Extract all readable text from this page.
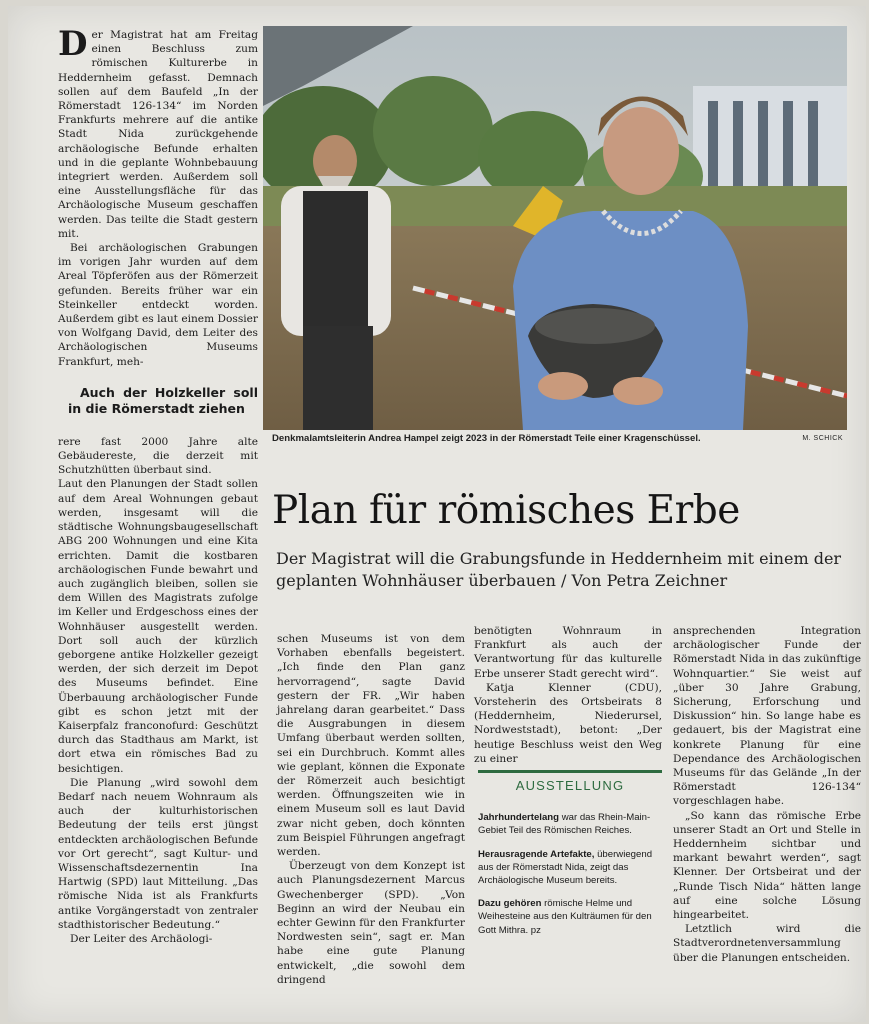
Der Magistrat hat am Freitag einen Beschluss zum römischen Kulturerbe in Heddernheim gefasst. Demnach sollen auf dem Baufeld „In der Römerstadt 126-134“ im Norden Frankfurts mehrere auf die antike Stadt Nida zurückgehende archäologische Befunde erhalten und in die geplante Wohnbebauung integriert werden. Außerdem soll eine Ausstellungsfläche für das Archäologische Museum geschaffen werden. Das teilte die Stadt gestern mit.

Bei archäologischen Grabungen im vorigen Jahr wurden auf dem Areal Töpferöfen aus der Römerzeit gefunden. Bereits früher war ein Steinkeller entdeckt worden. Außerdem gibt es laut einem Dossier von Wolfgang David, dem Leiter des Archäologischen Museums Frankfurt, meh-

Auch der Holzkeller soll in die Römerstadt ziehen

rere fast 2000 Jahre alte Gebäudereste, die derzeit mit Schutzhütten überbaut sind.

Laut den Planungen der Stadt sollen auf dem Areal Wohnungen gebaut werden, insgesamt will die städtische Wohnungsbaugesellschaft ABG 200 Wohnungen und eine Kita errichten. Damit die kostbaren archäologischen Funde bewahrt und auch zugänglich bleiben, sollen sie dem Willen des Magistrats zufolge im Keller und Erdgeschoss eines der Wohnhäuser ausgestellt werden. Dort soll auch der kürzlich geborgene antike Holzkeller gezeigt werden, der sich derzeit im Depot des Museums befindet. Eine Überbauung archäologischer Funde gibt es schon jetzt mit der Kaiserpfalz franconofurd: Geschützt durch das Stadthaus am Markt, ist dort etwa ein römisches Bad zu besichtigen.

Die Planung „wird sowohl dem Bedarf nach neuem Wohnraum als auch der kulturhistorischen Bedeutung der teils erst jüngst entdeckten archäologischen Befunde vor Ort gerecht“, sagt Kultur- und Wissenschaftsdezernentin Ina Hartwig (SPD) laut Mitteilung. „Das römische Nida ist als Frankfurts antike Vorgängerstadt von zentraler stadthistorischer Bedeutung.“

Der Leiter des Archäologi-

Denkmalamtsleiterin Andrea Hampel zeigt 2023 in der Römerstadt Teile einer Kragenschüssel.	M. SCHICK
Plan für römisches Erbe
Der Magistrat will die Grabungsfunde in Heddernheim mit einem der geplanten Wohnhäuser überbauen / Von Petra Zeichner

schen Museums ist von dem Vorhaben ebenfalls begeistert. „Ich finde den Plan ganz hervorragend“, sagte David gestern der FR. „Wir haben jahrelang daran gearbeitet.“ Dass die Ausgrabungen in diesem Umfang überbaut werden sollten, sei ein Durchbruch. Kommt alles wie geplant, können die Exponate der Römerzeit auch besichtigt werden. Öffnungszeiten wie in einem Museum soll es laut David zwar nicht geben, doch könnten zum Beispiel Führungen angefragt werden.

Überzeugt von dem Konzept ist auch Planungsdezernent Marcus Gwechenberger (SPD). „Von Beginn an wird der Neubau ein echter Gewinn für den Frankfurter Nordwesten sein“, sagt er. Man habe eine gute Planung entwickelt, „die sowohl dem dringend

benötigten Wohnraum in Frankfurt als auch der Verantwortung für das kulturelle Erbe unserer Stadt gerecht wird“.

Katja Klenner (CDU), Vorsteherin des Ortsbeirats 8 (Heddernheim, Niederursel, Nordweststadt), betont: „Der heutige Beschluss weist den Weg zu einer

AUSSTELLUNG

Jahrhundertelang war das Rhein-Main-Gebiet Teil des Römischen Reiches.

Herausragende Artefakte, überwiegend aus der Römerstadt Nida, zeigt das Archäologische Museum bereits.

Dazu gehören römische Helme und Weihesteine aus den Kulträumen für den Gott Mithra. pz

ansprechenden Integration archäologischer Funde der Römerstadt Nida in das zukünftige Wohnquartier.“ Sie weist auf „über 30 Jahre Grabung, Sicherung, Erforschung und Diskussion“ hin. So lange habe es gedauert, bis der Magistrat eine konkrete Planung für eine Dependance des Archäologischen Museums für das Gelände „In der Römerstadt 126-134“ vorgeschlagen habe.

„So kann das römische Erbe unserer Stadt an Ort und Stelle in Heddernheim sichtbar und markant bewahrt werden“, sagt Klenner. Der Ortsbeirat und der „Runde Tisch Nida“ hätten lange auf eine solche Lösung hingearbeitet.

Letztlich wird die Stadtverordnetenversammlung über die Planungen entscheiden.
